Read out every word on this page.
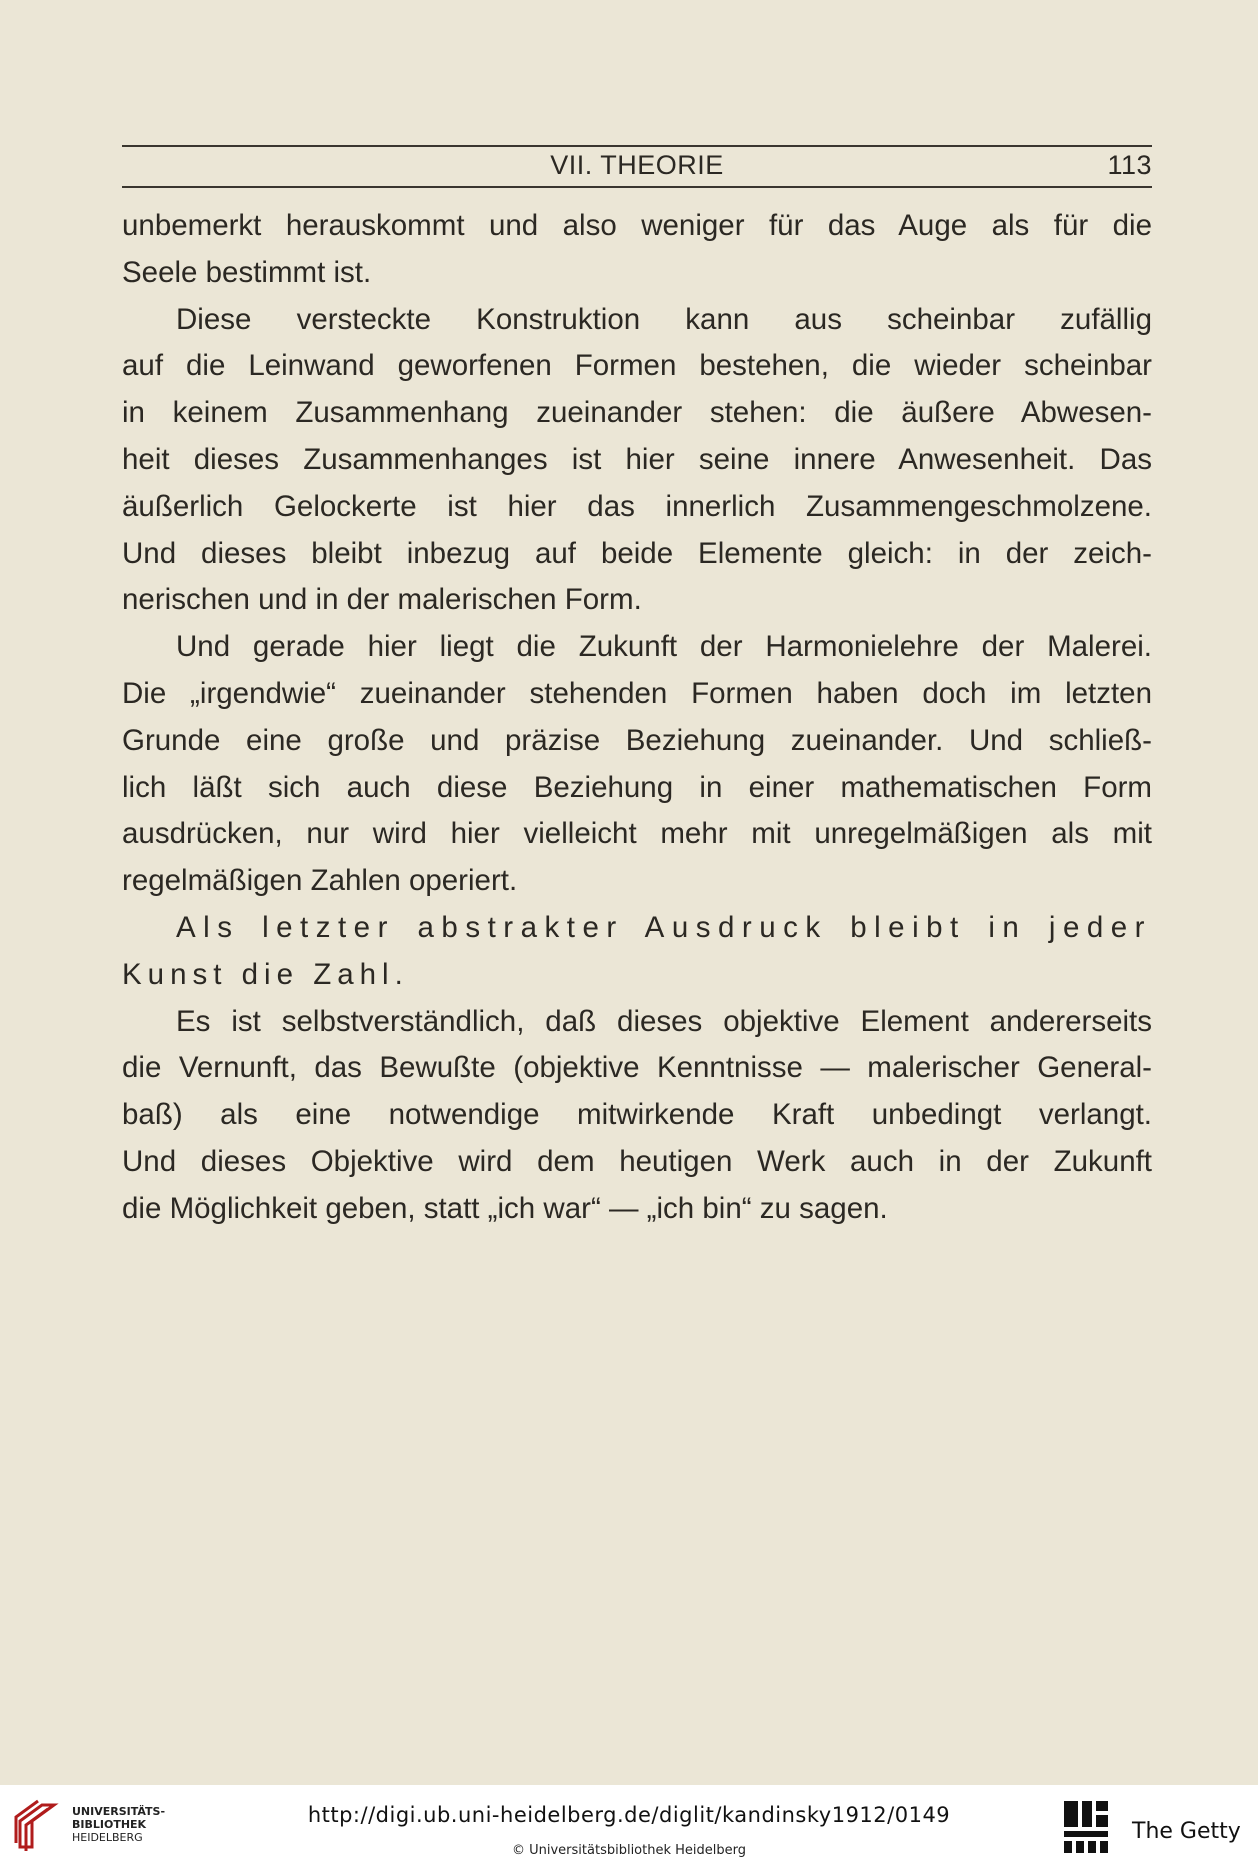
VII. THEORIE	113
unbemerkt herauskommt und also weniger für das Auge als für die
Seele bestimmt ist.
Diese versteckte Konstruktion kann aus scheinbar zufällig
auf die Leinwand geworfenen Formen bestehen, die wieder scheinbar
in keinem Zusammenhang zueinander stehen: die äußere Abwesen-
heit dieses Zusammenhanges ist hier seine innere Anwesenheit. Das
äußerlich Gelockerte ist hier das innerlich Zusammengeschmolzene.
Und dieses bleibt inbezug auf beide Elemente gleich: in der zeich-
nerischen und in der malerischen Form.
Und gerade hier liegt die Zukunft der Harmonielehre der Malerei.
Die „irgendwie“ zueinander stehenden Formen haben doch im letzten
Grunde eine große und präzise Beziehung zueinander. Und schließ-
lich läßt sich auch diese Beziehung in einer mathematischen Form
ausdrücken, nur wird hier vielleicht mehr mit unregelmäßigen als mit
regelmäßigen Zahlen operiert.
Als letzter abstrakter Ausdruck bleibt in jeder
Kunst die Zahl.
Es ist selbstverständlich, daß dieses objektive Element andererseits
die Vernunft, das Bewußte (objektive Kenntnisse — malerischer General-
baß) als eine notwendige mitwirkende Kraft unbedingt verlangt.
Und dieses Objektive wird dem heutigen Werk auch in der Zukunft
die Möglichkeit geben, statt „ich war“ — „ich bin“ zu sagen.
UNIVERSITÄTS-
BIBLIOTHEK
HEIDELBERG
http://digi.ub.uni-heidelberg.de/diglit/kandinsky1912/0149
© Universitätsbibliothek Heidelberg
The Getty
